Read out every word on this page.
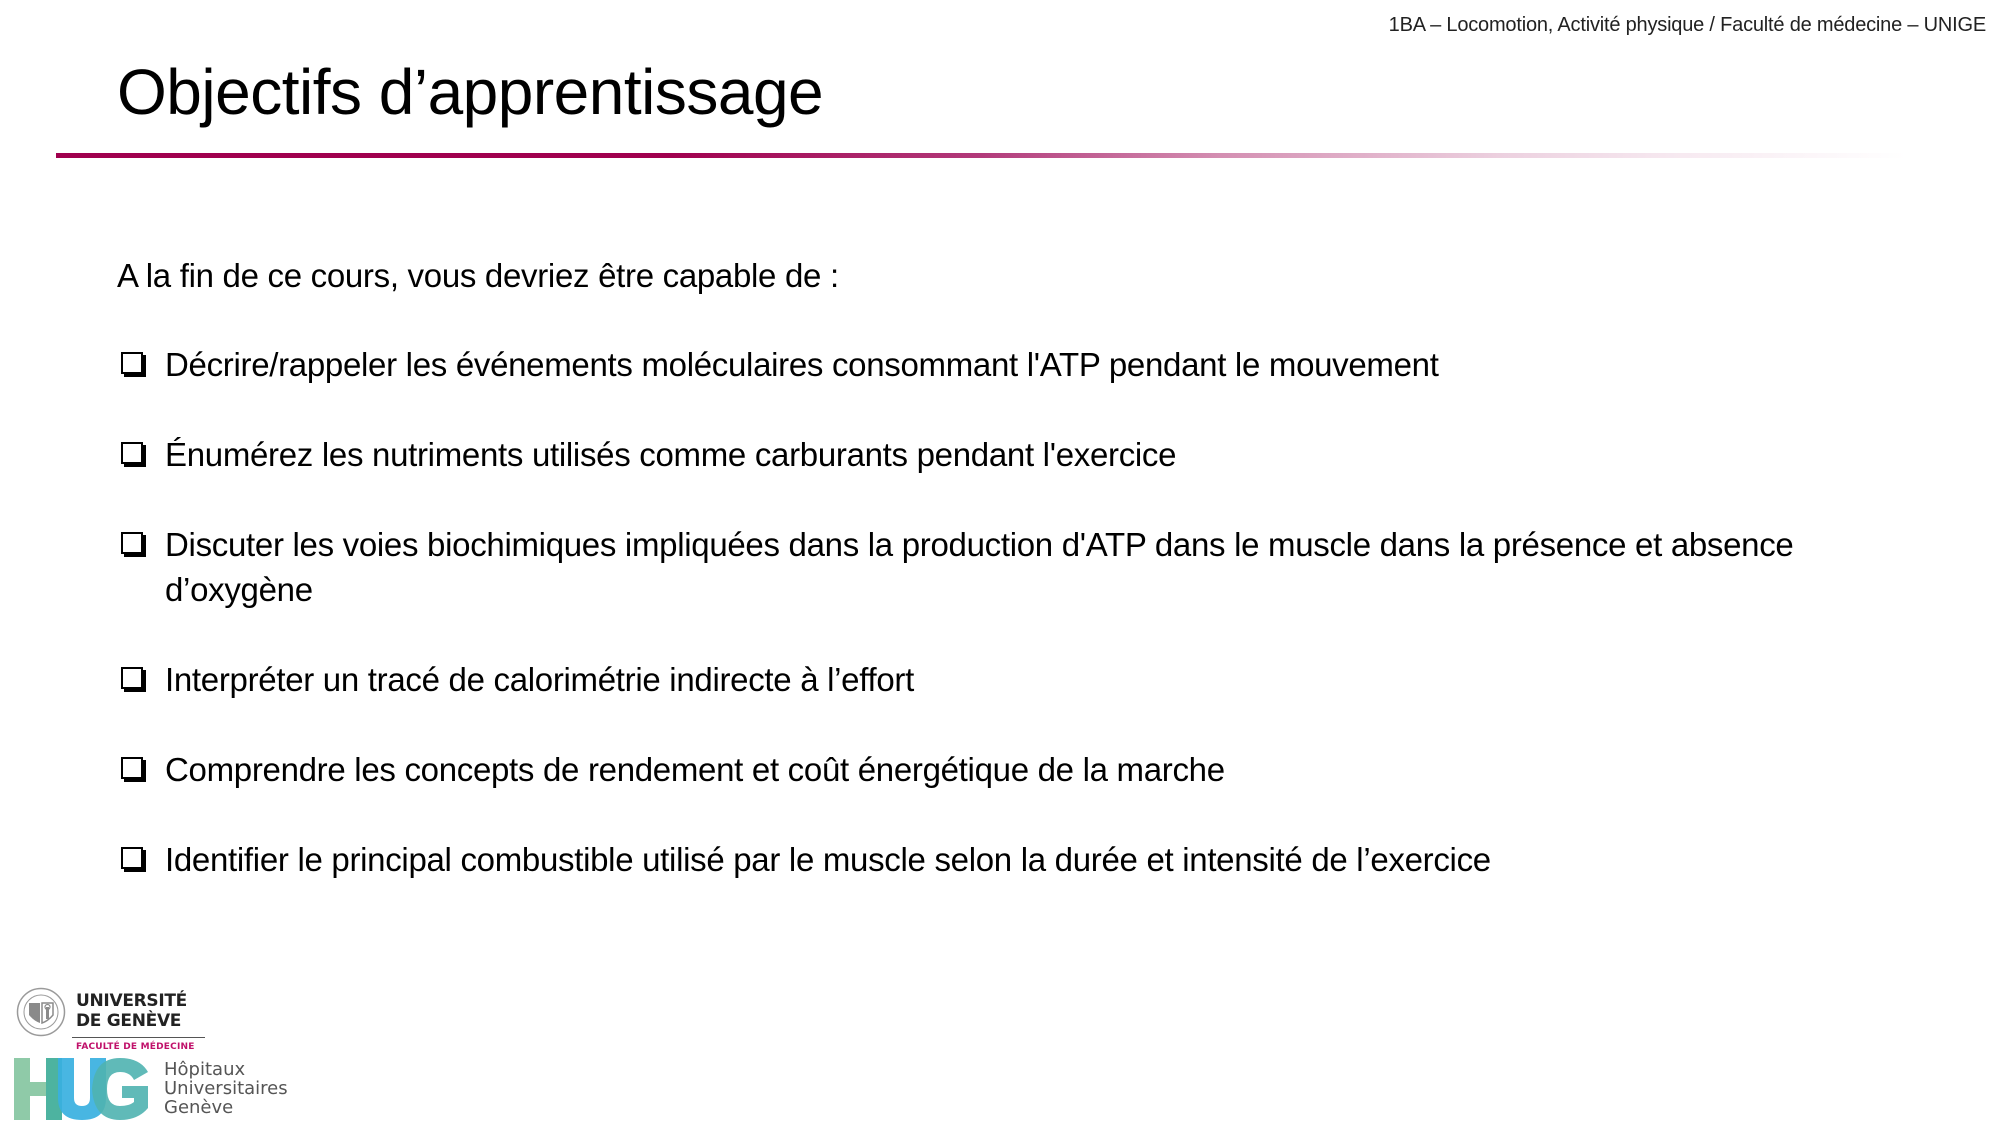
1BA – Locomotion, Activité physique / Faculté de médecine – UNIGE
Objectifs d’apprentissage

A la fin de ce cours, vous devriez être capable de :

Décrire/rappeler les événements moléculaires consommant l'ATP pendant le mouvement
Énumérez les nutriments utilisés comme carburants pendant l'exercice
Discuter les voies biochimiques impliquées dans la production d'ATP dans le muscle dans la présence et absence d’oxygène
Interpréter un tracé de calorimétrie indirecte à l’effort
Comprendre les concepts de rendement et coût énergétique de la marche
Identifier le principal combustible utilisé par le muscle selon la durée et intensité de l’exercice
UNIVERSITÉ
DE GENÈVE
FACULTÉ DE MÉDECINE
Hôpitaux
Universitaires
Genève
